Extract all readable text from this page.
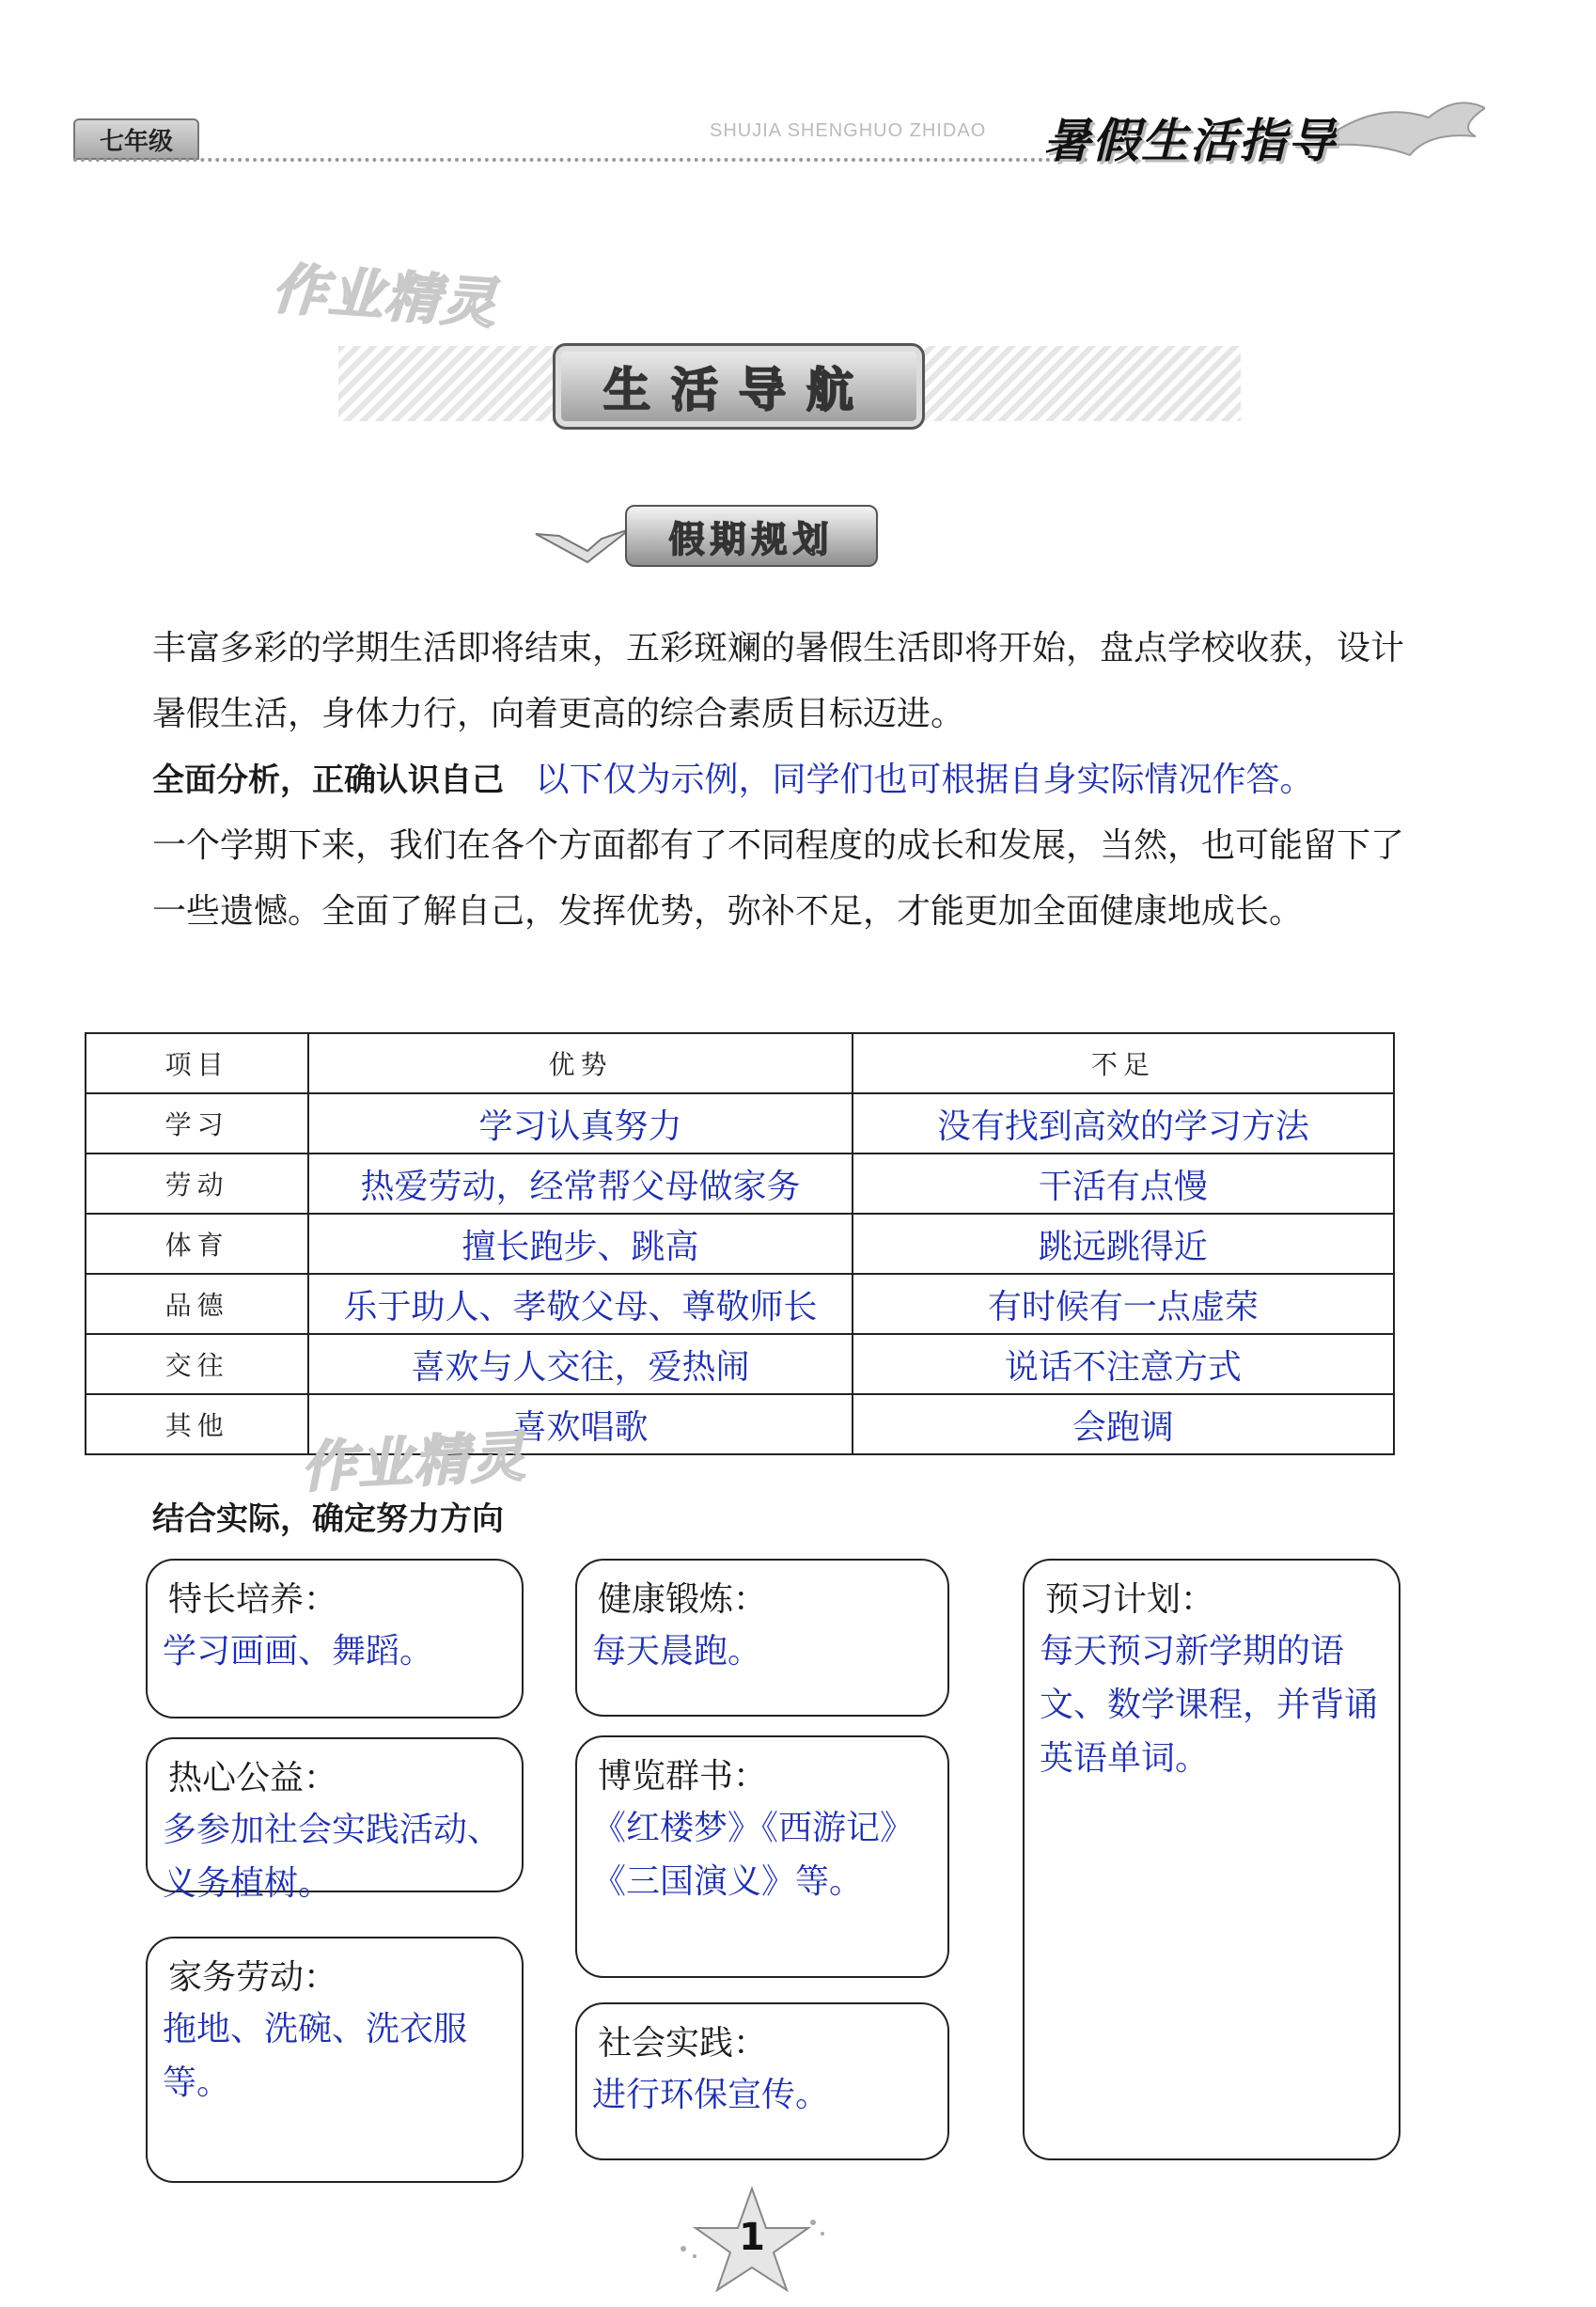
七年级	SHUJIA SHENGHUO ZHIDAO 暑假生活指导
作业精灵
生活导航
假期规划
丰富多彩的学期生活即将结束，五彩斑斓的暑假生活即将开始，盘点学校收获，设计暑假生活，身体力行，向着更高的综合素质目标迈进。
全面分析，正确认识自己 以下仅为示例，同学们也可根据自身实际情况作答。
一个学期下来，我们在各个方面都有了不同程度的成长和发展，当然，也可能留下了一些遗憾。全面了解自己，发挥优势，弥补不足，才能更加全面健康地成长。
项目	优势	不足
学习	学习认真努力	没有找到高效的学习方法
劳动	热爱劳动，经常帮父母做家务	干活有点慢
体育	擅长跑步、跳高	跳远跳得近
品德	乐于助人、孝敬父母、尊敬师长	有时候有一点虚荣
交往	喜欢与人交往，爱热闹	说话不注意方式
其他	喜欢唱歌	会跑调
作业精灵
结合实际，确定努力方向
特长培养：
学习画画、舞蹈。
热心公益：
多参加社会实践活动、义务植树。
家务劳动：
拖地、洗碗、洗衣服等。
健康锻炼：
每天晨跑。
博览群书：
《红楼梦》《西游记》《三国演义》等。
社会实践：
进行环保宣传。
预习计划：
每天预习新学期的语文、数学课程，并背诵英语单词。
1
